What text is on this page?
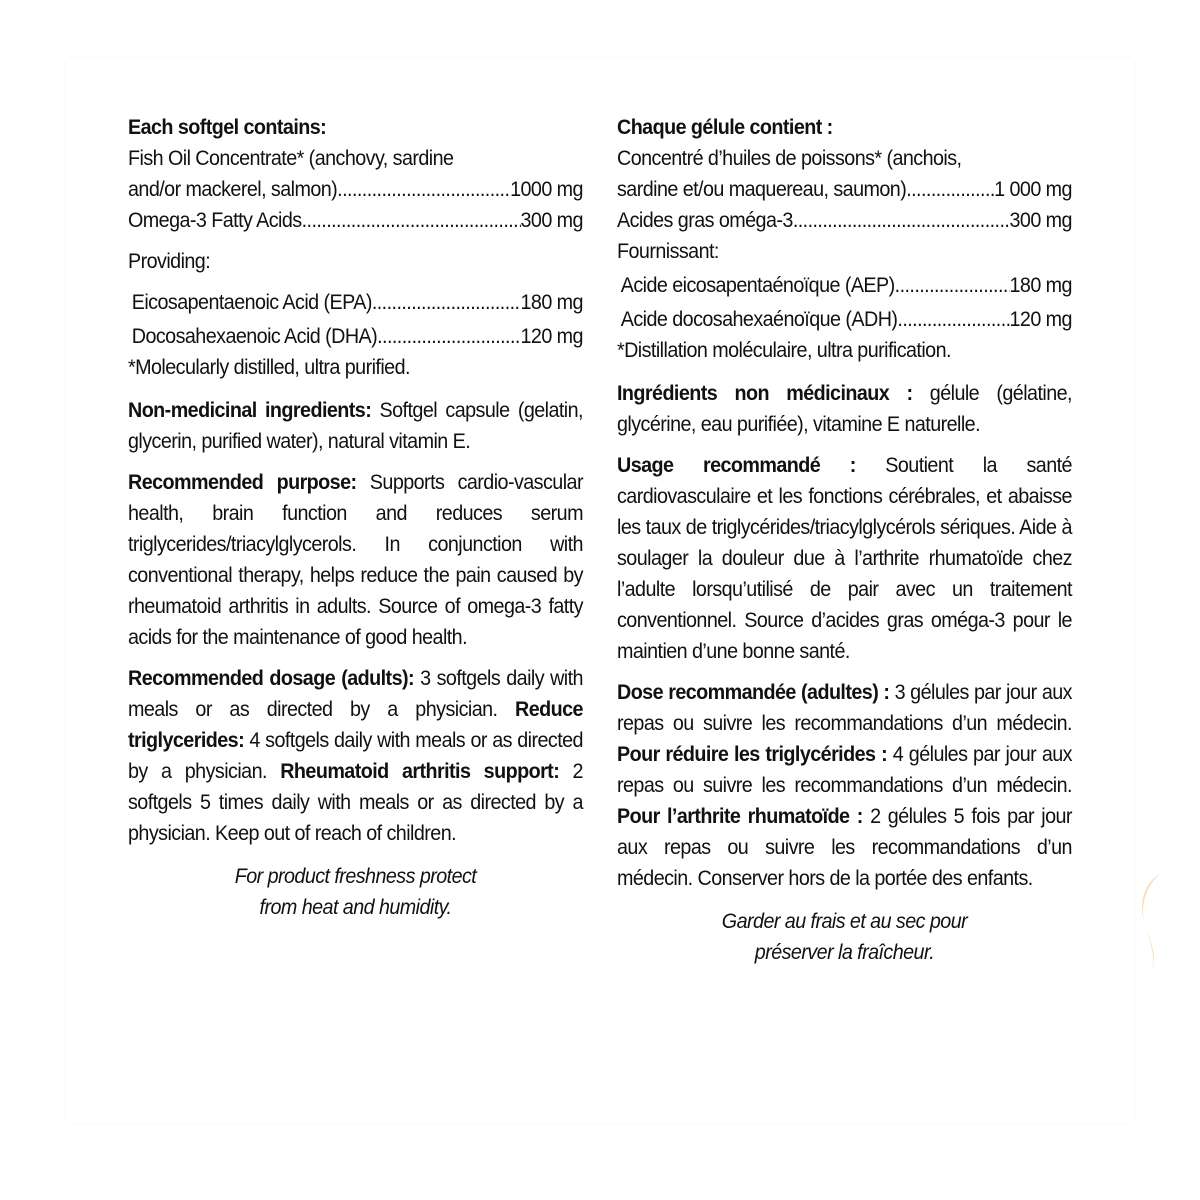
Each softgel contains:
Fish Oil Concentrate* (anchovy, sardine
and/or mackerel, salmon) .....	1000 mg
Omega-3 Fatty Acids .....	300 mg
Providing:
Eicosapentaenoic Acid (EPA) .....	180 mg
Docosahexaenoic Acid (DHA) .....	120 mg
*Molecularly distilled, ultra purified.
Non-medicinal ingredients: Softgel capsule (gelatin, glycerin, purified water), natural vitamin E.
Recommended purpose: Supports cardio-vascular health, brain function and reduces serum triglycerides/triacylglycerols. In conjunction with conventional therapy, helps reduce the pain caused by rheumatoid arthritis in adults. Source of omega-3 fatty acids for the maintenance of good health.
Recommended dosage (adults): 3 softgels daily with meals or as directed by a physician. Reduce triglycerides: 4 softgels daily with meals or as directed by a physician. Rheumatoid arthritis support: 2 softgels 5 times daily with meals or as directed by a physician. Keep out of reach of children.
For product freshness protect
from heat and humidity.
Chaque gélule contient :
Concentré d’huiles de poissons* (anchois,
sardine et/ou maquereau, saumon) .....	1 000 mg
Acides gras oméga-3 .....	300 mg
Fournissant:
Acide eicosapentaénoïque (AEP) .....	180 mg
Acide docosahexaénoïque (ADH) .....	120 mg
*Distillation moléculaire, ultra purification.
Ingrédients non médicinaux : gélule (gélatine, glycérine, eau purifiée), vitamine E naturelle.
Usage recommandé : Soutient la santé cardiovasculaire et les fonctions cérébrales, et abaisse les taux de triglycérides/triacylglycérols sériques. Aide à soulager la douleur due à l’arthrite rhumatoïde chez l’adulte lorsqu’utilisé de pair avec un traitement conventionnel. Source d’acides gras oméga-3 pour le maintien d’une bonne santé.
Dose recommandée (adultes) : 3 gélules par jour aux repas ou suivre les recommandations d’un médecin. Pour réduire les triglycérides : 4 gélules par jour aux repas ou suivre les recommandations d’un médecin. Pour l’arthrite rhumatoïde : 2 gélules 5 fois par jour aux repas ou suivre les recommandations d’un médecin. Conserver hors de la portée des enfants.
Garder au frais et au sec pour
préserver la fraîcheur.
